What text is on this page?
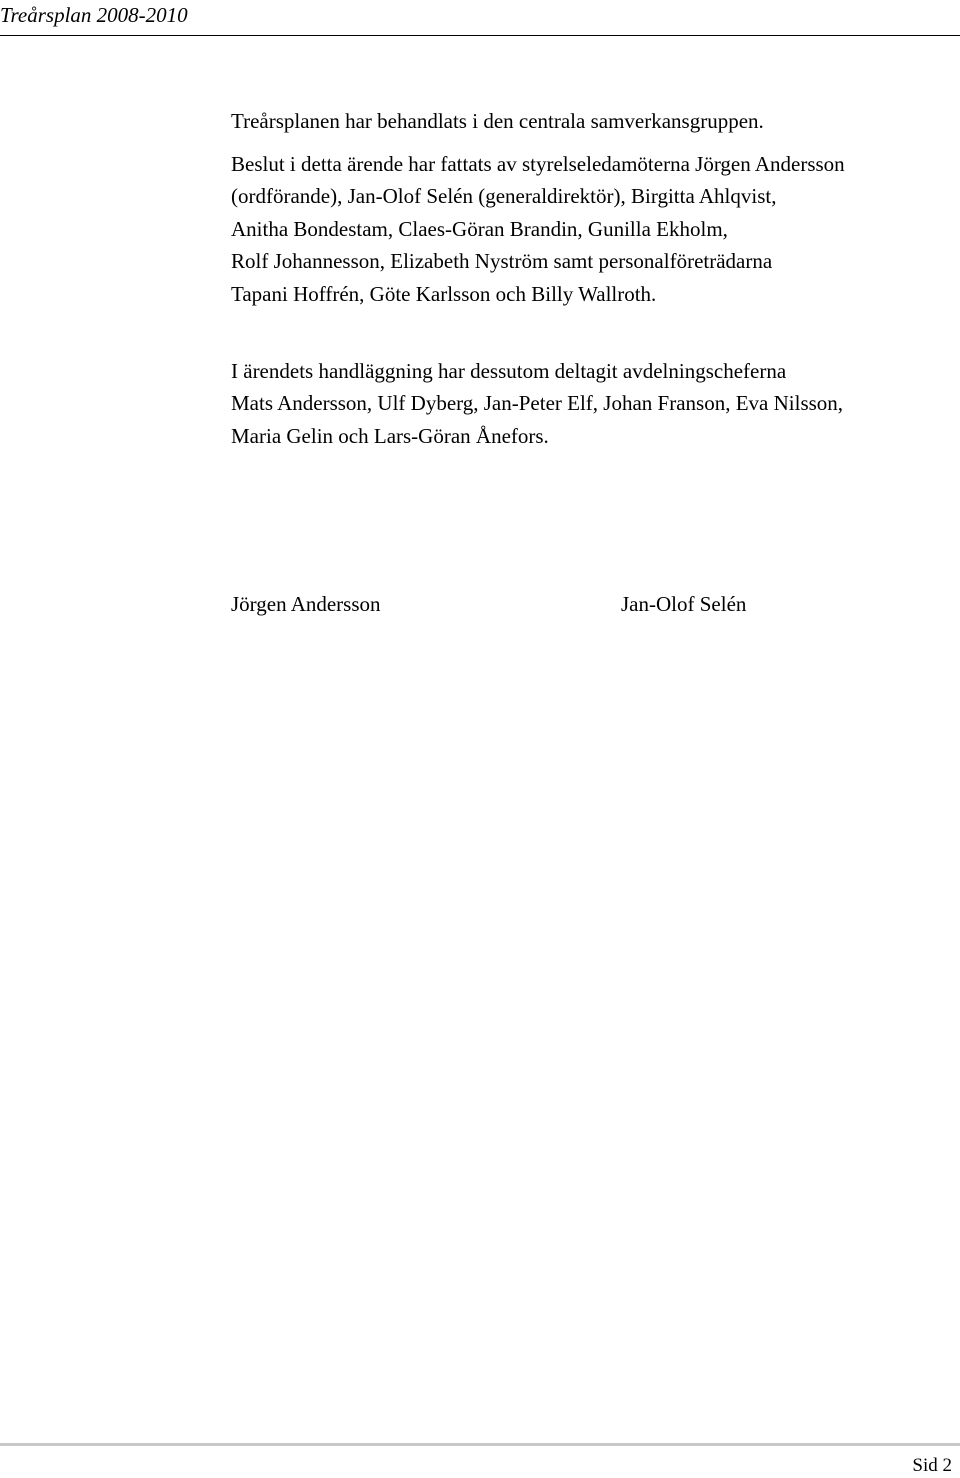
Treårsplan 2008-2010

Treårsplanen har behandlats i den centrala samverkansgruppen.

Beslut i detta ärende har fattats av styrelseledamöterna Jörgen Andersson
(ordförande), Jan-Olof Selén (generaldirektör), Birgitta Ahlqvist,
Anitha Bondestam, Claes-Göran Brandin, Gunilla Ekholm,
Rolf Johannesson, Elizabeth Nyström samt personalföreträdarna
Tapani Hoffrén, Göte Karlsson och Billy Wallroth.

I ärendets handläggning har dessutom deltagit avdelningscheferna
Mats Andersson, Ulf Dyberg, Jan-Peter Elf, Johan Franson, Eva Nilsson,
Maria Gelin och Lars-Göran Ånefors.

Jörgen Andersson	Jan-Olof Selén
Sid 2
